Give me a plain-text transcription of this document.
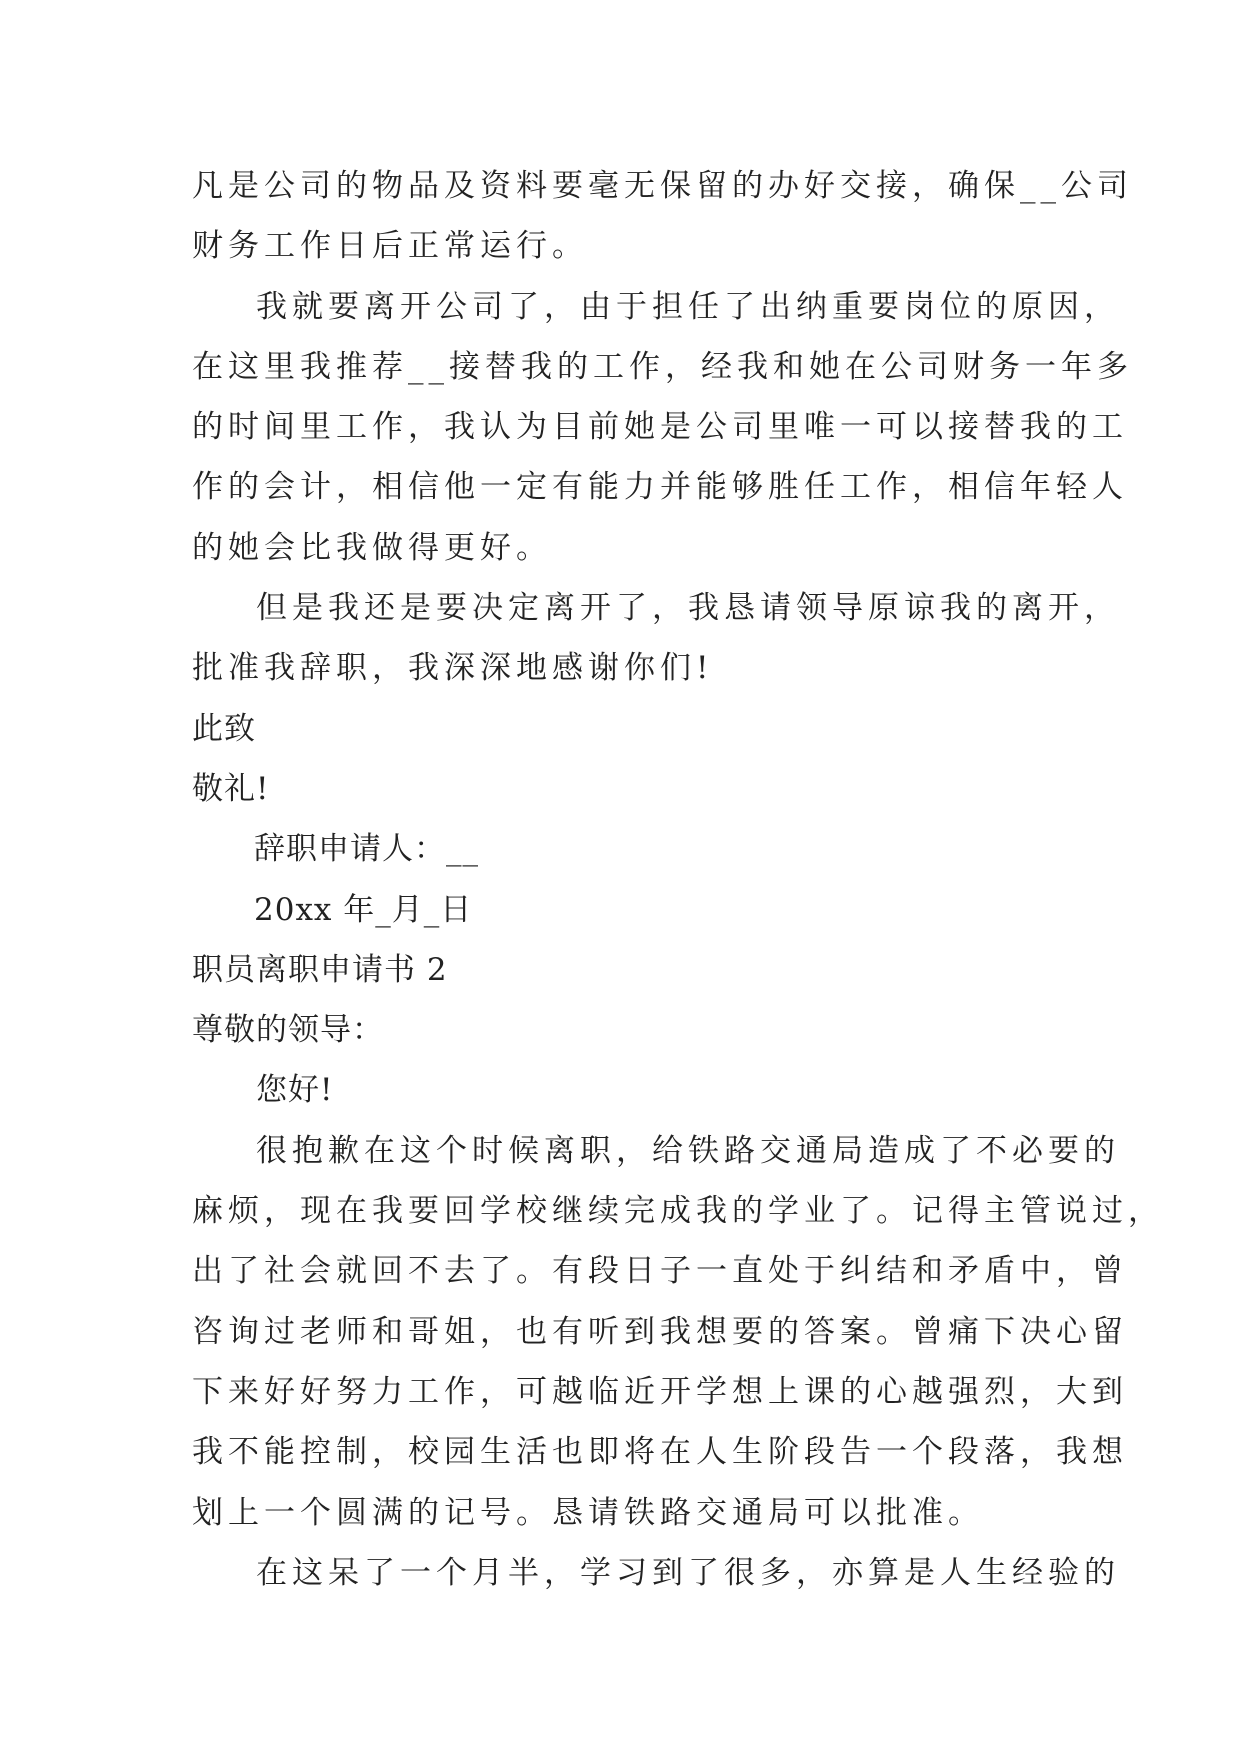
凡是公司的物品及资料要毫无保留的办好交接，确保__公司
财务工作日后正常运行。
我就要离开公司了，由于担任了出纳重要岗位的原因，
在这里我推荐__接替我的工作，经我和她在公司财务一年多
的时间里工作，我认为目前她是公司里唯一可以接替我的工
作的会计，相信他一定有能力并能够胜任工作，相信年轻人
的她会比我做得更好。
但是我还是要决定离开了，我恳请领导原谅我的离开，
批准我辞职，我深深地感谢你们!
此致
敬礼!
辞职申请人：__
20xx 年_月_日
职员离职申请书 2
尊敬的领导：
您好!
很抱歉在这个时候离职，给铁路交通局造成了不必要的
麻烦，现在我要回学校继续完成我的学业了。记得主管说过，
出了社会就回不去了。有段日子一直处于纠结和矛盾中，曾
咨询过老师和哥姐，也有听到我想要的答案。曾痛下决心留
下来好好努力工作，可越临近开学想上课的心越强烈，大到
我不能控制，校园生活也即将在人生阶段告一个段落，我想
划上一个圆满的记号。恳请铁路交通局可以批准。
在这呆了一个月半，学习到了很多，亦算是人生经验的
